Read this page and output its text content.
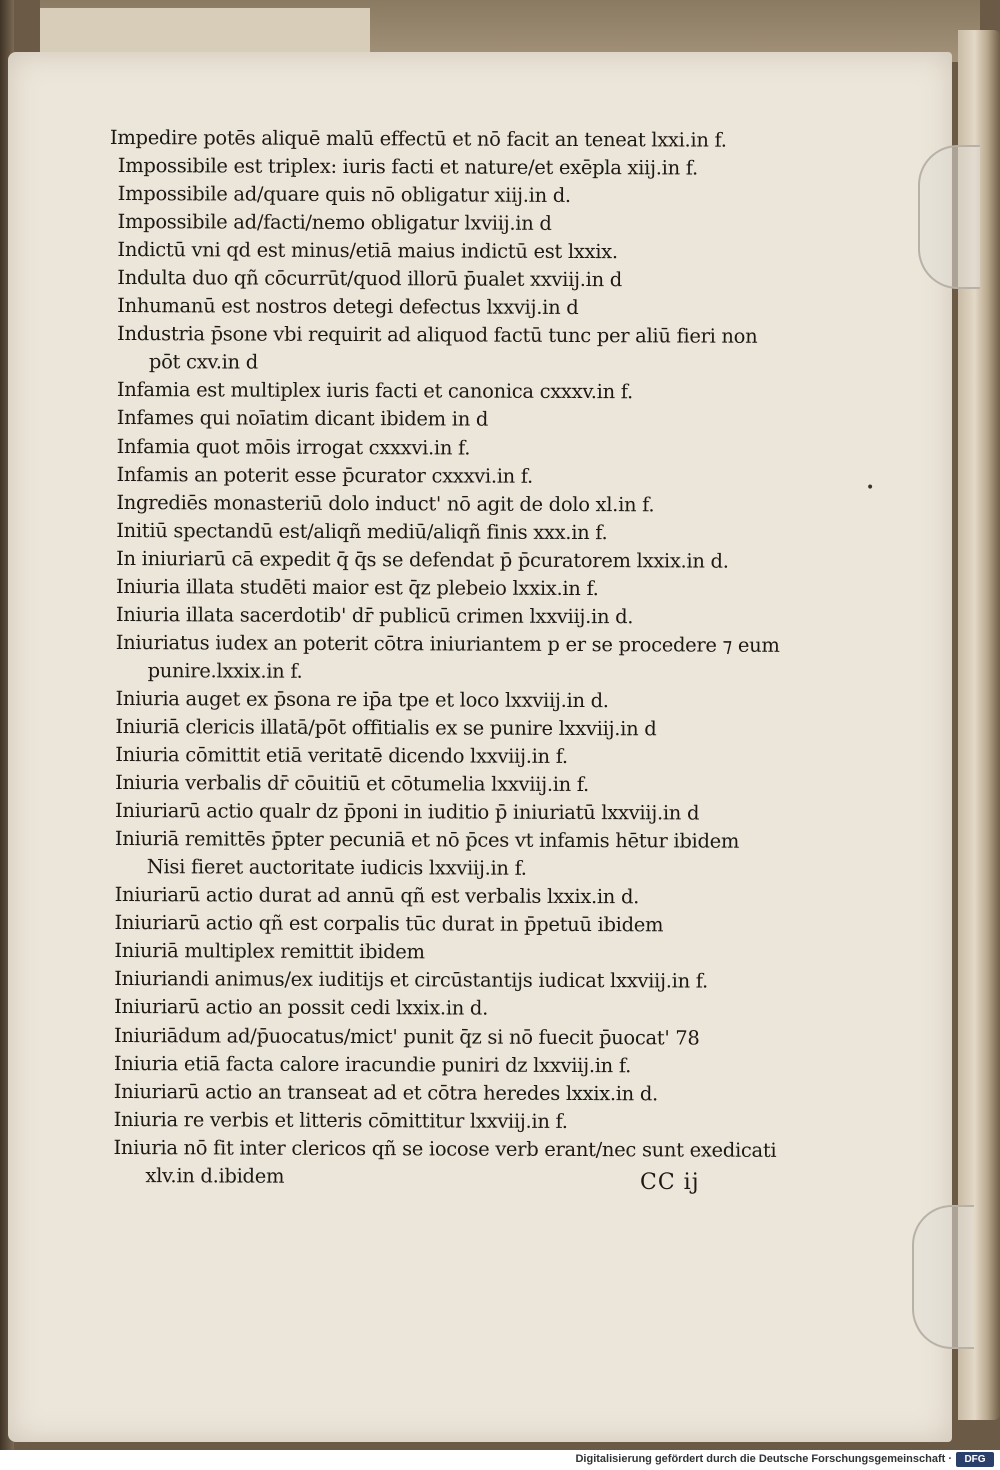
Impedire potēs aliquē malū effectū et nō facit an teneat lxxi.in f.
Impossibile est triplex: iuris facti et nature/et exēpla xiij.in f.
Impossibile ad/quare quis nō obligatur xiij.in d.
Impossibile ad/facti/nemo obligatur lxviij.in d
Indictū vni qd est minus/etiā maius indictū est lxxix.
Indulta duo qñ cōcurrūt/quod illorū p̄ualet xxviij.in d
Inhumanū est nostros detegi defectus lxxvij.in d
Industria p̄sone vbi requirit ad aliquod factū tunc per aliū fieri non
pōt cxv.in d
Infamia est multiplex iuris facti et canonica cxxxv.in f.
Infames qui noīatim dicant ibidem in d
Infamia quot mōis irrogat cxxxvi.in f.
Infamis an poterit esse p̄curator cxxxvi.in f.
Ingrediēs monasteriū dolo induct' nō agit de dolo xl.in f.
Initiū spectandū est/aliqñ mediū/aliqñ finis xxx.in f.
In iniuriarū cā expedit q̄ q̄s se defendat p̄ p̄curatorem lxxix.in d.
Iniuria illata studēti maior est q̄z plebeio lxxix.in f.
Iniuria illata sacerdotib' dr̄ publicū crimen lxxviij.in d.
Iniuriatus iudex an poterit cōtra iniuriantem p er se procedere ⁊ eum
punire.lxxix.in f.
Iniuria auget ex p̄sona re ip̄a tpe et loco lxxviij.in d.
Iniuriā clericis illatā/pōt offitialis ex se punire lxxviij.in d
Iniuria cōmittit etiā veritatē dicendo lxxviij.in f.
Iniuria verbalis dr̄ cōuitiū et cōtumelia lxxviij.in f.
Iniuriarū actio qualr dz p̄poni in iuditio p̄ iniuriatū lxxviij.in d
Iniuriā remittēs p̄pter pecuniā et nō p̄ces vt infamis hētur ibidem
Nisi fieret auctoritate iudicis lxxviij.in f.
Iniuriarū actio durat ad annū qñ est verbalis lxxix.in d.
Iniuriarū actio qñ est corpalis tūc durat in p̄petuū ibidem
Iniuriā multiplex remittit ibidem
Iniuriandi animus/ex iuditijs et circūstantijs iudicat lxxviij.in f.
Iniuriarū actio an possit cedi lxxix.in d.
Iniuriādum ad/p̄uocatus/mict' punit q̄z si nō fuecit p̄uocat' 78
Iniuria etiā facta calore iracundie puniri dz lxxviij.in f.
Iniuriarū actio an transeat ad et cōtra heredes lxxix.in d.
Iniuria re verbis et litteris cōmittitur lxxviij.in f.
Iniuria nō fit inter clericos qñ se iocose verb erant/nec sunt exedicati
xlv.in d.ibidem	CC ij
•
Digitalisierung gefördert durch die Deutsche Forschungsgemeinschaft ·	DFG
